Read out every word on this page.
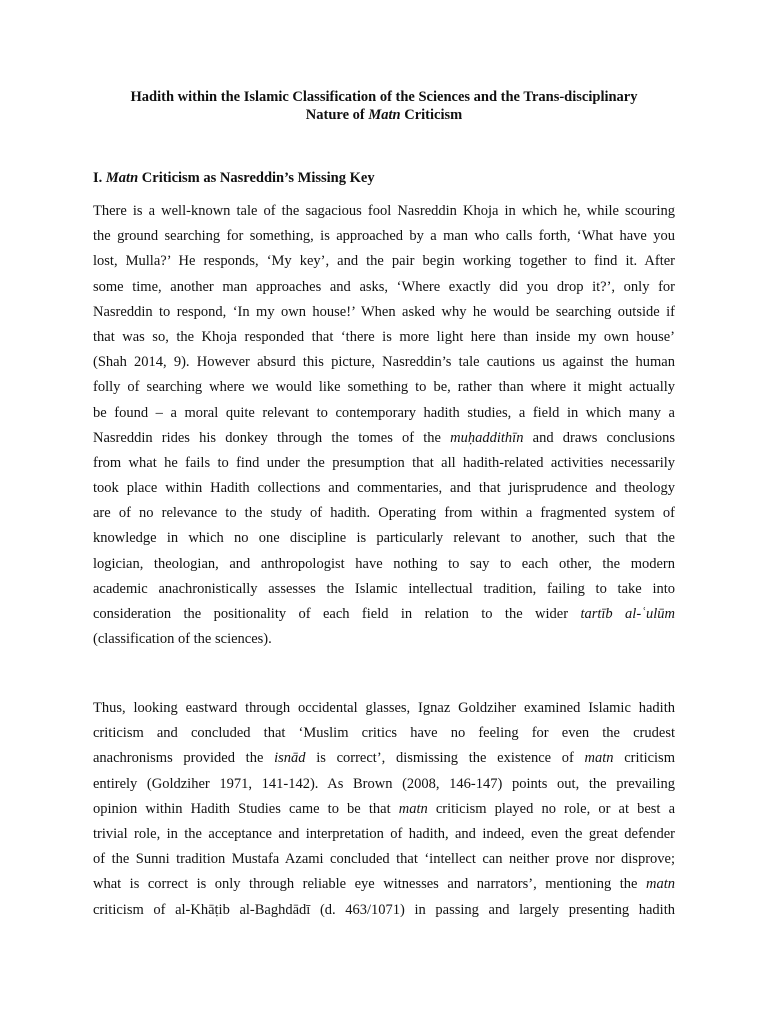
Hadith within the Islamic Classification of the Sciences and the Trans-disciplinary
Nature of Matn Criticism
I. Matn Criticism as Nasreddin’s Missing Key
There is a well-known tale of the sagacious fool Nasreddin Khoja in which he, while scouring
the ground searching for something, is approached by a man who calls forth, ‘What have you
lost, Mulla?’ He responds, ‘My key’, and the pair begin working together to find it. After
some time, another man approaches and asks, ‘Where exactly did you drop it?’, only for
Nasreddin to respond, ‘In my own house!’ When asked why he would be searching outside if
that was so, the Khoja responded that ‘there is more light here than inside my own house’
(Shah 2014, 9). However absurd this picture, Nasreddin’s tale cautions us against the human
folly of searching where we would like something to be, rather than where it might actually
be found – a moral quite relevant to contemporary hadith studies, a field in which many a
Nasreddin rides his donkey through the tomes of the muḥaddithīn and draws conclusions
from what he fails to find under the presumption that all hadith-related activities necessarily
took place within Hadith collections and commentaries, and that jurisprudence and theology
are of no relevance to the study of hadith. Operating from within a fragmented system of
knowledge in which no one discipline is particularly relevant to another, such that the
logician, theologian, and anthropologist have nothing to say to each other, the modern
academic anachronistically assesses the Islamic intellectual tradition, failing to take into
consideration the positionality of each field in relation to the wider tartīb al-ʿulūm
(classification of the sciences).
Thus, looking eastward through occidental glasses, Ignaz Goldziher examined Islamic hadith
criticism and concluded that ‘Muslim critics have no feeling for even the crudest
anachronisms provided the isnād is correct’, dismissing the existence of matn criticism
entirely (Goldziher 1971, 141-142). As Brown (2008, 146-147) points out, the prevailing
opinion within Hadith Studies came to be that matn criticism played no role, or at best a
trivial role, in the acceptance and interpretation of hadith, and indeed, even the great defender
of the Sunni tradition Mustafa Azami concluded that ‘intellect can neither prove nor disprove;
what is correct is only through reliable eye witnesses and narrators’, mentioning the matn
criticism of al-Khāṭib al-Baghdādī (d. 463/1071) in passing and largely presenting hadith
